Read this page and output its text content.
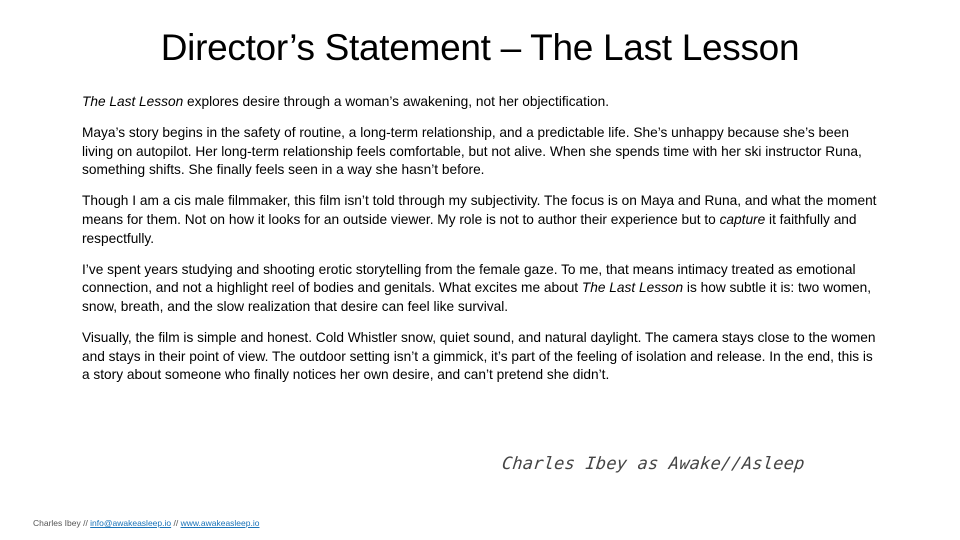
Director’s Statement – The Last Lesson

The Last Lesson explores desire through a woman’s awakening, not her objectification.

Maya’s story begins in the safety of routine, a long-term relationship, and a predictable life. She’s unhappy because she’s been living on autopilot. Her long-term relationship feels comfortable, but not alive. When she spends time with her ski instructor Runa, something shifts. She finally feels seen in a way she hasn’t before.

Though I am a cis male filmmaker, this film isn’t told through my subjectivity. The focus is on Maya and Runa, and what the moment means for them. Not on how it looks for an outside viewer. My role is not to author their experience but to capture it faithfully and respectfully.

I’ve spent years studying and shooting erotic storytelling from the female gaze. To me, that means intimacy treated as emotional connection, and not a highlight reel of bodies and genitals. What excites me about The Last Lesson is how subtle it is: two women, snow, breath, and the slow realization that desire can feel like survival.

Visually, the film is simple and honest. Cold Whistler snow, quiet sound, and natural daylight. The camera stays close to the women and stays in their point of view. The outdoor setting isn’t a gimmick, it’s part of the feeling of isolation and release. In the end, this is a story about someone who finally notices her own desire, and can’t pretend she didn’t.

Charles Ibey as Awake//Asleep
Charles Ibey // info@awakeasleep.io // www.awakeasleep.io
